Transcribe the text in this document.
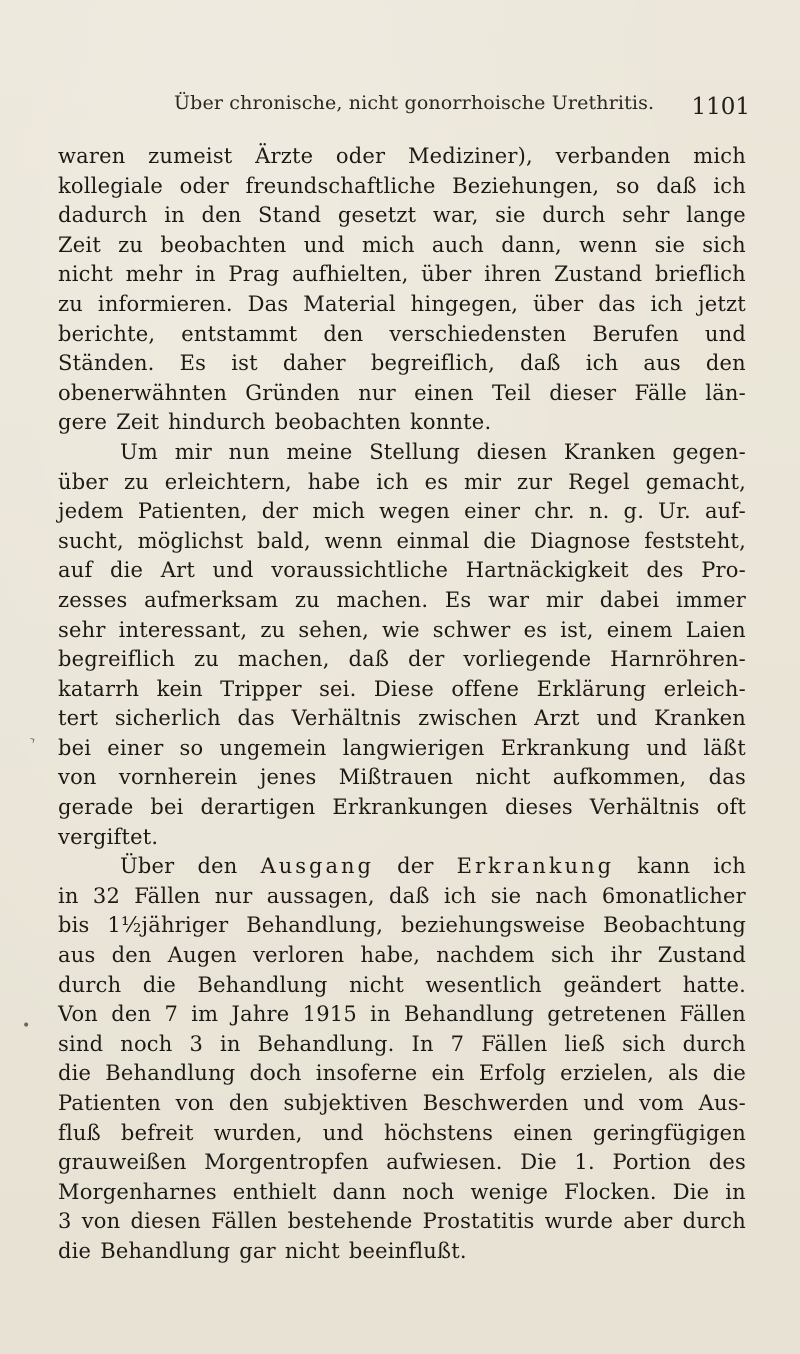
Über chronische, nicht gonorrhoische Urethritis. 1101
waren zumeist Ärzte oder Mediziner), verbanden mich
kollegiale oder freundschaftliche Beziehungen, so daß ich
dadurch in den Stand gesetzt war, sie durch sehr lange
Zeit zu beobachten und mich auch dann, wenn sie sich
nicht mehr in Prag aufhielten, über ihren Zustand brieflich
zu informieren. Das Material hingegen, über das ich jetzt
berichte, entstammt den verschiedensten Berufen und
Ständen. Es ist daher begreiflich, daß ich aus den
obenerwähnten Gründen nur einen Teil dieser Fälle län-
gere Zeit hindurch beobachten konnte.
Um mir nun meine Stellung diesen Kranken gegen-
über zu erleichtern, habe ich es mir zur Regel gemacht,
jedem Patienten, der mich wegen einer chr. n. g. Ur. auf-
sucht, möglichst bald, wenn einmal die Diagnose feststeht,
auf die Art und voraussichtliche Hartnäckigkeit des Pro-
zesses aufmerksam zu machen. Es war mir dabei immer
sehr interessant, zu sehen, wie schwer es ist, einem Laien
begreiflich zu machen, daß der vorliegende Harnröhren-
katarrh kein Tripper sei. Diese offene Erklärung erleich-
tert sicherlich das Verhältnis zwischen Arzt und Kranken
bei einer so ungemein langwierigen Erkrankung und läßt
von vornherein jenes Mißtrauen nicht aufkommen, das
gerade bei derartigen Erkrankungen dieses Verhältnis oft
vergiftet.
Über den Ausgang der Erkrankung kann ich
in 32 Fällen nur aussagen, daß ich sie nach 6monatlicher
bis 1½jähriger Behandlung, beziehungsweise Beobachtung
aus den Augen verloren habe, nachdem sich ihr Zustand
durch die Behandlung nicht wesentlich geändert hatte.
Von den 7 im Jahre 1915 in Behandlung getretenen Fällen
sind noch 3 in Behandlung. In 7 Fällen ließ sich durch
die Behandlung doch insoferne ein Erfolg erzielen, als die
Patienten von den subjektiven Beschwerden und vom Aus-
fluß befreit wurden, und höchstens einen geringfügigen
grauweißen Morgentropfen aufwiesen. Die 1. Portion des
Morgenharnes enthielt dann noch wenige Flocken. Die in
3 von diesen Fällen bestehende Prostatitis wurde aber durch
die Behandlung gar nicht beeinflußt.
•
›
